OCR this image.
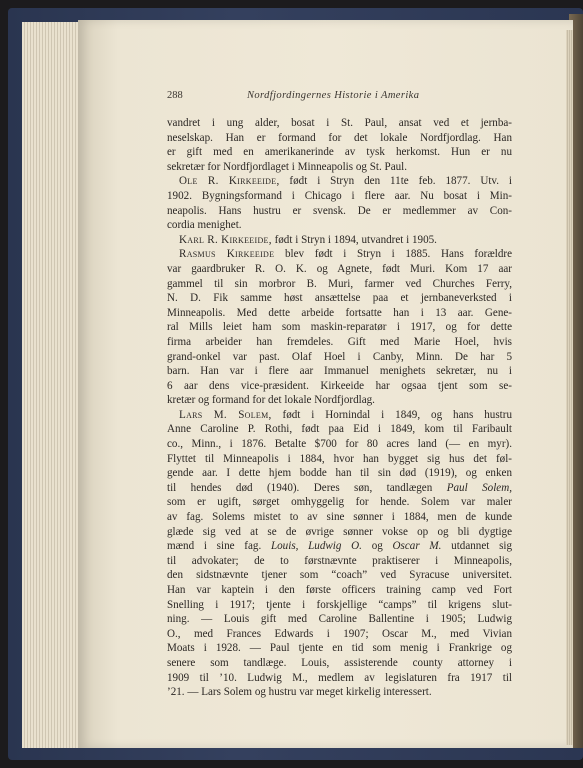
288	Nordfjordingernes Historie i Amerika
vandret i ung alder, bosat i St. Paul, ansat ved et jernba-
neselskap. Han er formand for det lokale Nordfjordlag. Han
er gift med en amerikanerinde av tysk herkomst. Hun er nu
sekretær for Nordfjordlaget i Minneapolis og St. Paul.
Ole R. Kirkeeide, født i Stryn den 11te feb. 1877. Utv. i
1902. Bygningsformand i Chicago i flere aar. Nu bosat i Min-
neapolis. Hans hustru er svensk. De er medlemmer av Con-
cordia menighet.
Karl R. Kirkeeide, født i Stryn i 1894, utvandret i 1905.
Rasmus Kirkeeide blev født i Stryn i 1885. Hans forældre
var gaardbruker R. O. K. og Agnete, født Muri. Kom 17 aar
gammel til sin morbror B. Muri, farmer ved Churches Ferry,
N. D. Fik samme høst ansættelse paa et jernbaneverksted i
Minneapolis. Med dette arbeide fortsatte han i 13 aar. Gene-
ral Mills leiet ham som maskin-reparatør i 1917, og for dette
firma arbeider han fremdeles. Gift med Marie Hoel, hvis
grand-onkel var past. Olaf Hoel i Canby, Minn. De har 5
barn. Han var i flere aar Immanuel menighets sekretær, nu i
6 aar dens vice-præsident. Kirkeeide har ogsaa tjent som se-
kretær og formand for det lokale Nordfjordlag.
Lars M. Solem, født i Hornindal i 1849, og hans hustru
Anne Caroline P. Rothi, født paa Eid i 1849, kom til Faribault
co., Minn., i 1876. Betalte $700 for 80 acres land (— en myr).
Flyttet til Minneapolis i 1884, hvor han bygget sig hus det føl-
gende aar. I dette hjem bodde han til sin død (1919), og enken
til hendes død (1940). Deres søn, tandlægen Paul Solem,
som er ugift, sørget omhyggelig for hende. Solem var maler
av fag. Solems mistet to av sine sønner i 1884, men de kunde
glæde sig ved at se de øvrige sønner vokse op og bli dygtige
mænd i sine fag. Louis, Ludwig O. og Oscar M. utdannet sig
til advokater; de to førstnævnte praktiserer i Minneapolis,
den sidstnævnte tjener som “coach” ved Syracuse universitet.
Han var kaptein i den første officers training camp ved Fort
Snelling i 1917; tjente i forskjellige “camps” til krigens slut-
ning. — Louis gift med Caroline Ballentine i 1905; Ludwig
O., med Frances Edwards i 1907; Oscar M., med Vivian
Moats i 1928. — Paul tjente en tid som menig i Frankrige og
senere som tandlæge. Louis, assisterende county attorney i
1909 til ’10. Ludwig M., medlem av legislaturen fra 1917 til
’21. — Lars Solem og hustru var meget kirkelig interessert.
